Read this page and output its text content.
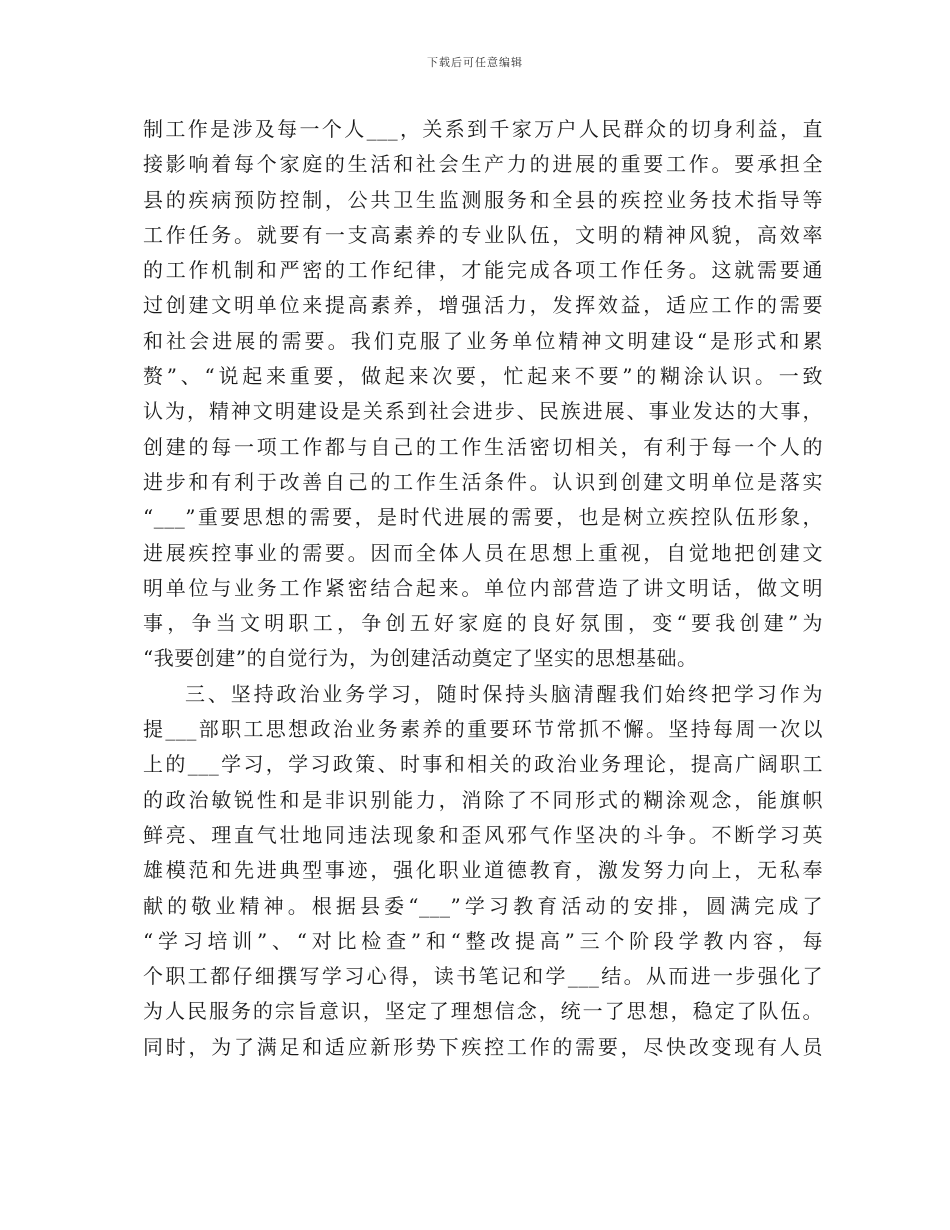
下载后可任意编辑
制工作是涉及每一个人___，关系到千家万户人民群众的切身利益，直
接影响着每个家庭的生活和社会生产力的进展的重要工作。要承担全
县的疾病预防控制，公共卫生监测服务和全县的疾控业务技术指导等
工作任务。就要有一支高素养的专业队伍，文明的精神风貌，高效率
的工作机制和严密的工作纪律，才能完成各项工作任务。这就需要通
过创建文明单位来提高素养，增强活力，发挥效益，适应工作的需要
和社会进展的需要。我们克服了业务单位精神文明建设“是形式和累
赘”、“说起来重要，做起来次要，忙起来不要”的糊涂认识。一致
认为，精神文明建设是关系到社会进步、民族进展、事业发达的大事，
创建的每一项工作都与自己的工作生活密切相关，有利于每一个人的
进步和有利于改善自己的工作生活条件。认识到创建文明单位是落实
“___”重要思想的需要，是时代进展的需要，也是树立疾控队伍形象，
进展疾控事业的需要。因而全体人员在思想上重视，自觉地把创建文
明单位与业务工作紧密结合起来。单位内部营造了讲文明话，做文明
事，争当文明职工，争创五好家庭的良好氛围，变“要我创建”为
“我要创建”的自觉行为，为创建活动奠定了坚实的思想基础。
三、坚持政治业务学习，随时保持头脑清醒我们始终把学习作为
提___部职工思想政治业务素养的重要环节常抓不懈。坚持每周一次以
上的___学习，学习政策、时事和相关的政治业务理论，提高广阔职工
的政治敏锐性和是非识别能力，消除了不同形式的糊涂观念，能旗帜
鲜亮、理直气壮地同违法现象和歪风邪气作坚决的斗争。不断学习英
雄模范和先进典型事迹，强化职业道德教育，激发努力向上，无私奉
献的敬业精神。根据县委“___”学习教育活动的安排，圆满完成了
“学习培训”、“对比检查”和“整改提高”三个阶段学教内容，每
个职工都仔细撰写学习心得，读书笔记和学___结。从而进一步强化了
为人民服务的宗旨意识，坚定了理想信念，统一了思想，稳定了队伍。
同时，为了满足和适应新形势下疾控工作的需要，尽快改变现有人员
